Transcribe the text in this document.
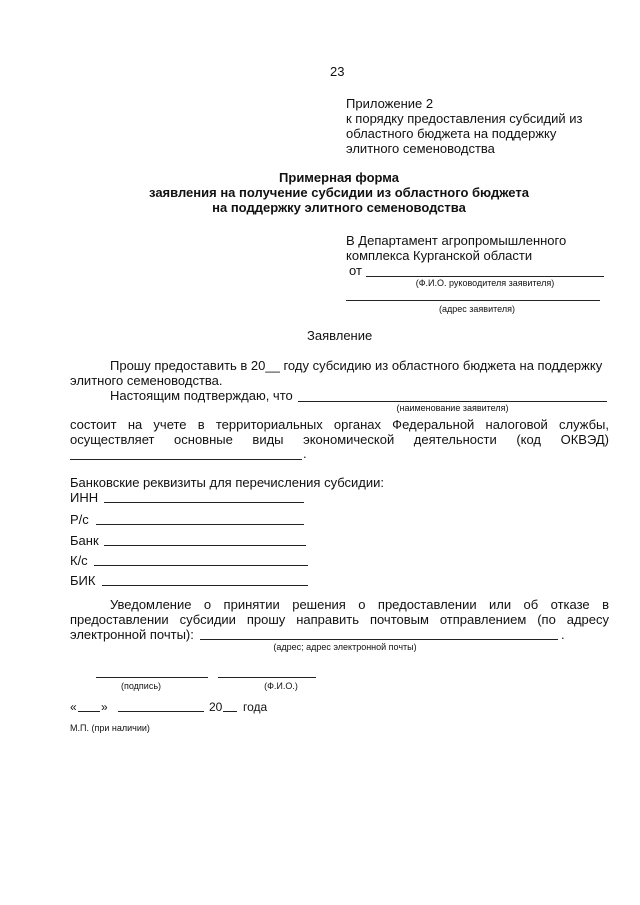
23
Приложение 2
к порядку предоставления субсидий из
областного бюджета на поддержку
элитного семеноводства
Примерная форма
заявления на получение субсидии из областного бюджета
на поддержку элитного семеноводства
В Департамент агропромышленного
комплекса Курганской области
от
(Ф.И.О. руководителя заявителя)
(адрес заявителя)
Заявление
Прошу предоставить в 20__ году субсидию из областного бюджета на поддержку
элитного семеноводства.
Настоящим подтверждаю, что
(наименование заявителя)
состоит на учете в территориальных органах Федеральной налоговой службы,
осуществляет основные виды экономической деятельности (код ОКВЭД)
.
Банковские реквизиты для перечисления субсидии:
ИНН
Р/с
Банк
К/с
БИК
Уведомление о принятии решения о предоставлении или об отказе в
предоставлении субсидии прошу направить почтовым отправлением (по адресу
электронной почты):	.
(адрес; адрес электронной почты)
(подпись)	(Ф.И.О.)
« »	20 года
М.П. (при наличии)
